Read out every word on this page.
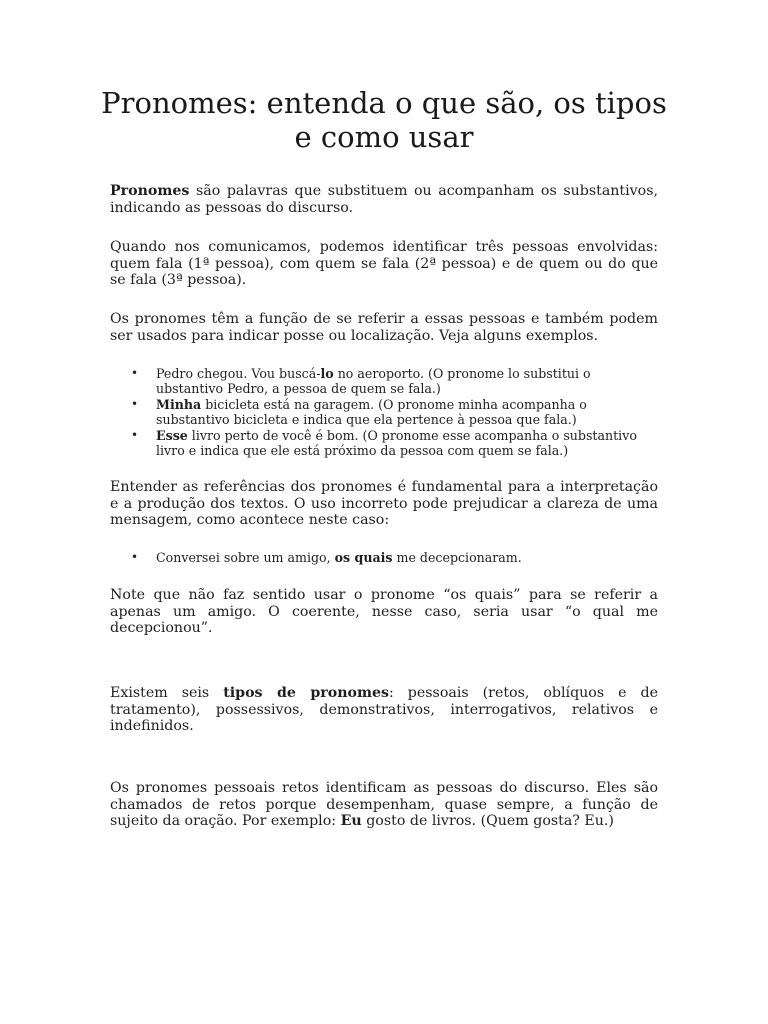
Pronomes: entenda o que são, os tipos e como usar

Pronomes são palavras que substituem ou acompanham os substantivos, indicando as pessoas do discurso.

Quando nos comunicamos, podemos identificar três pessoas envolvidas: quem fala (1ª pessoa), com quem se fala (2ª pessoa) e de quem ou do que se fala (3ª pessoa).

Os pronomes têm a função de se referir a essas pessoas e também podem ser usados para indicar posse ou localização. Veja alguns exemplos.

• Pedro chegou. Vou buscá-lo no aeroporto. (O pronome lo substitui o ubstantivo Pedro, a pessoa de quem se fala.)
• Minha bicicleta está na garagem. (O pronome minha acompanha o substantivo bicicleta e indica que ela pertence à pessoa que fala.)
• Esse livro perto de você é bom. (O pronome esse acompanha o substantivo livro e indica que ele está próximo da pessoa com quem se fala.)

Entender as referências dos pronomes é fundamental para a interpretação e a produção dos textos. O uso incorreto pode prejudicar a clareza de uma mensagem, como acontece neste caso:

• Conversei sobre um amigo, os quais me decepcionaram.

Note que não faz sentido usar o pronome “os quais” para se referir a apenas um amigo. O coerente, nesse caso, seria usar “o qual me decepcionou”.

Existem seis tipos de pronomes: pessoais (retos, oblíquos e de tratamento), possessivos, demonstrativos, interrogativos, relativos e indefinidos.

Os pronomes pessoais retos identificam as pessoas do discurso. Eles são chamados de retos porque desempenham, quase sempre, a função de sujeito da oração. Por exemplo: Eu gosto de livros. (Quem gosta? Eu.)
